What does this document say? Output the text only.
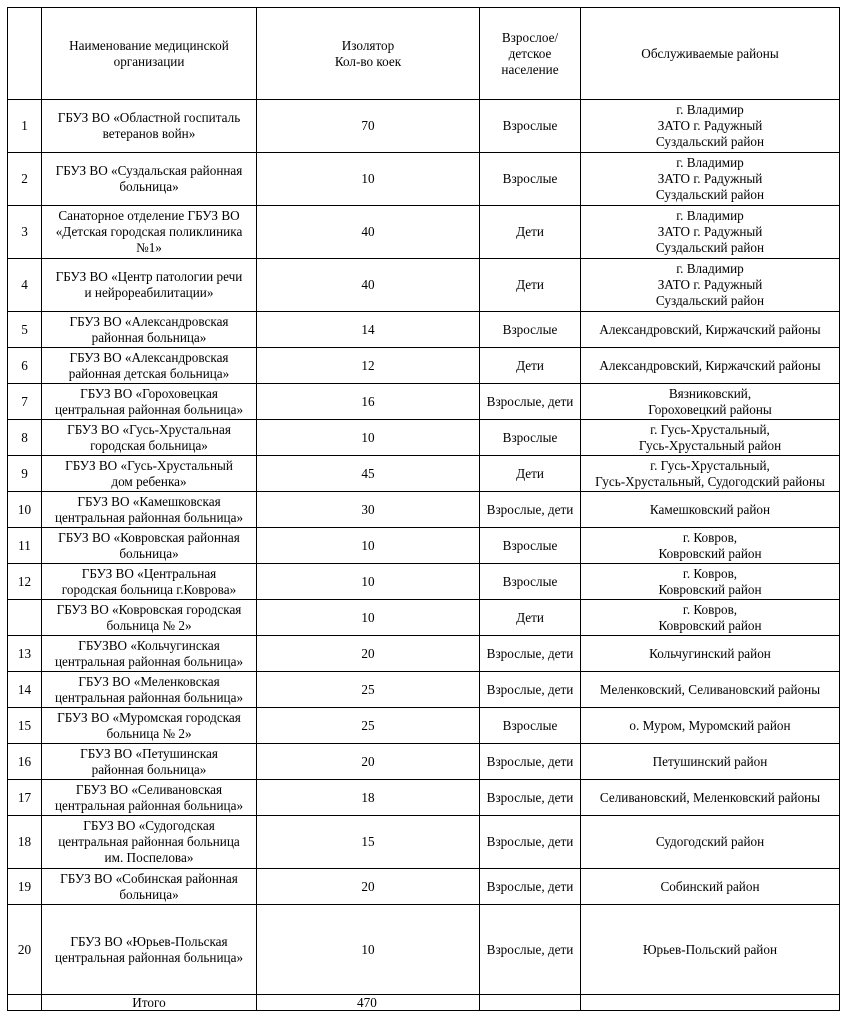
	Наименование медицинской
организации	Изолятор
Кол-во коек	Взрослое/
детское
население	Обслуживаемые районы
1	ГБУЗ ВО «Областной госпиталь
ветеранов войн»	70	Взрослые	г. Владимир
ЗАТО г. Радужный
Суздальский район
2	ГБУЗ ВО «Суздальская районная
больница»	10	Взрослые	г. Владимир
ЗАТО г. Радужный
Суздальский район
3	Санаторное отделение ГБУЗ ВО
«Детская городская поликлиника
№1»	40	Дети	г. Владимир
ЗАТО г. Радужный
Суздальский район
4	ГБУЗ ВО «Центр патологии речи
и нейрореабилитации»	40	Дети	г. Владимир
ЗАТО г. Радужный
Суздальский район
5	ГБУЗ ВО «Александровская
районная больница»	14	Взрослые	Александровский, Киржачский районы
6	ГБУЗ ВО «Александровская
районная детская больница»	12	Дети	Александровский, Киржачский районы
7	ГБУЗ ВО «Гороховецкая
центральная районная больница»	16	Взрослые, дети	Вязниковский,
Гороховецкий районы
8	ГБУЗ ВО «Гусь-Хрустальная
городская больница»	10	Взрослые	г. Гусь-Хрустальный,
Гусь-Хрустальный район
9	ГБУЗ ВО «Гусь-Хрустальный
дом ребенка»	45	Дети	г. Гусь-Хрустальный,
Гусь-Хрустальный, Судогодский районы
10	ГБУЗ ВО «Камешковская
центральная районная больница»	30	Взрослые, дети	Камешковский район
11	ГБУЗ ВО «Ковровская районная
больница»	10	Взрослые	г. Ковров,
Ковровский район
12	ГБУЗ ВО «Центральная
городская больница г.Коврова»	10	Взрослые	г. Ковров,
Ковровский район
	ГБУЗ ВО «Ковровская городская
больница № 2»	10	Дети	г. Ковров,
Ковровский район
13	ГБУЗВО «Кольчугинская
центральная районная больница»	20	Взрослые, дети	Кольчугинский район
14	ГБУЗ ВО «Меленковская
центральная районная больница»	25	Взрослые, дети	Меленковский, Селивановский районы
15	ГБУЗ ВО «Муромская городская
больница № 2»	25	Взрослые	о. Муром, Муромский район
16	ГБУЗ ВО «Петушинская
районная больница»	20	Взрослые, дети	Петушинский район
17	ГБУЗ ВО «Селивановская
центральная районная больница»	18	Взрослые, дети	Селивановский, Меленковский районы
18	ГБУЗ ВО «Судогодская
центральная районная больница
им. Поспелова»	15	Взрослые, дети	Судогодский район
19	ГБУЗ ВО «Собинская районная
больница»	20	Взрослые, дети	Собинский район
20	ГБУЗ ВО «Юрьев-Польская
центральная районная больница»	10	Взрослые, дети	Юрьев-Польский район
	Итого	470		
